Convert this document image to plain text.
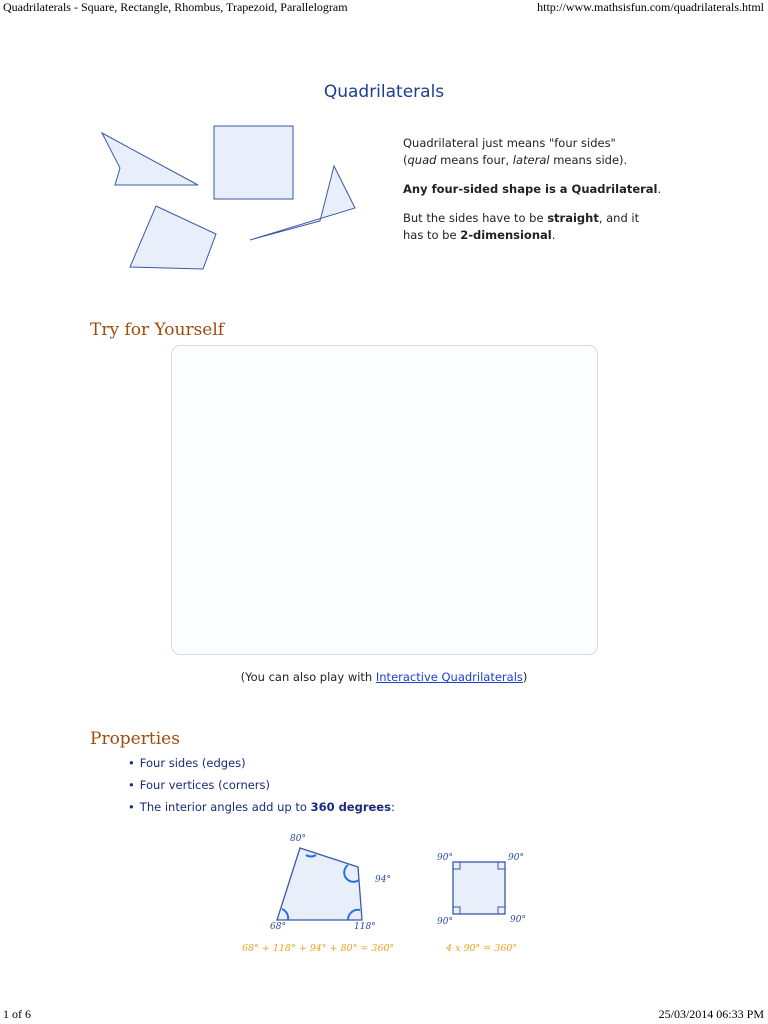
Quadrilaterals - Square, Rectangle, Rhombus, Trapezoid, Parallelogram	http://www.mathsisfun.com/quadrilaterals.html
Quadrilaterals

Quadrilateral just means "four sides"
(quad means four, lateral means side).

Any four-sided shape is a Quadrilateral.

But the sides have to be straight, and it
has to be 2-dimensional.

Try for Yourself
(You can also play with Interactive Quadrilaterals)
Properties
• Four sides (edges)
• Four vertices (corners)
• The interior angles add up to 360 degrees:
80°
94°
118°
68°
68° + 118° + 94° + 80° = 360°
90°	90°
90°	90°
4 x 90° = 360°
1 of 6	25/03/2014 06:33 PM
